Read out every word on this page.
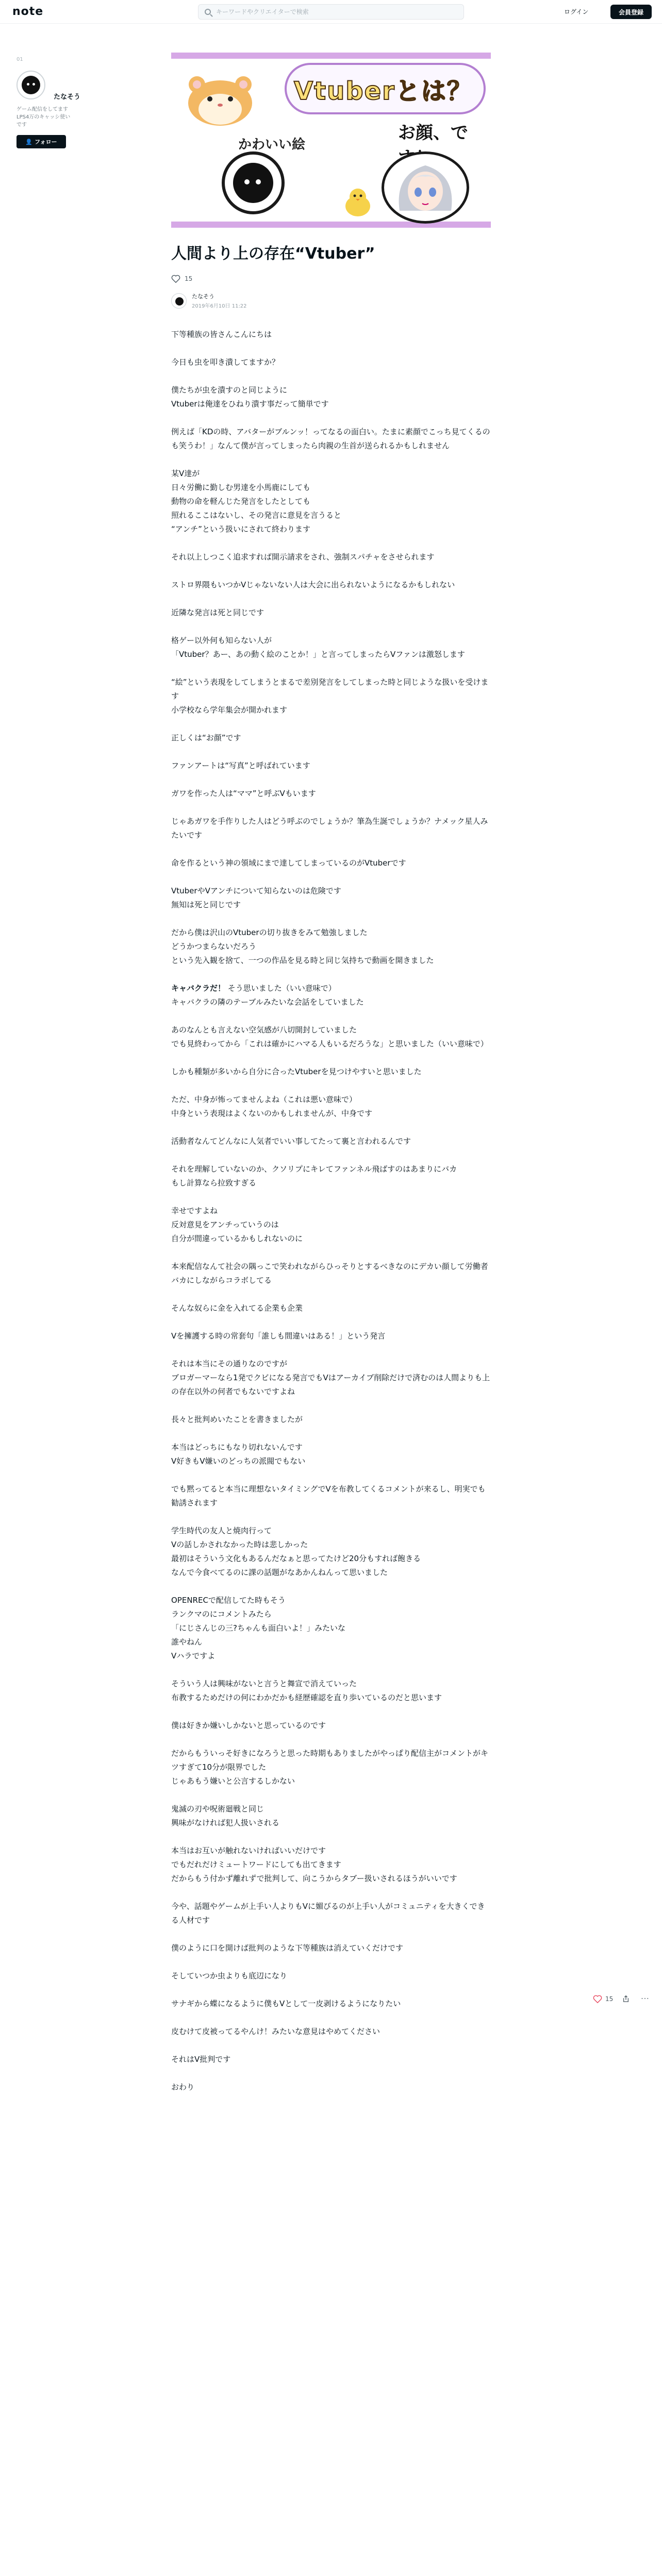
note
キーワードやクリエイターで検索	ログイン	会員登録
01
たなそう
ゲーム配信をしてます　LPS4万のキャッシ使いです
👤 フォロー
Vtuberとは？
かわいい絵
お顔、で
人間より上の存在“Vtuber”
15
たなそう
2019年6月10日 11:22
下等種族の皆さんこんにちは
今日も虫を叩き潰してますか？
僕たちが虫を潰すのと同じように
Vtuberは俺達をひねり潰す事だって簡単です
例えば「KDの時、アバターがブルンッ！ってなるの面白い。たまに素顔でこっち見てくるのも笑うわ！」なんて僕が言ってしまったら肉親の生首が送られるかもしれません
某V達が
日々労働に勤しむ男達を小馬鹿にしても
動物の命を軽んじた発言をしたとしても
照れるここはないし、その発言に意見を言うると
“アンチ”という扱いにされて終わります
それ以上しつこく追求すれば開示請求をされ、強制スパチャをさせられます
ストロ界隈もいつかVじゃないない人は大会に出られないようになるかもしれない
近隣な発言は死と同じです
格ゲー以外何も知らない人が
「Vtuber？あー、あの動く絵のことか！」と言ってしまったらVファンは激怒します
“絵”という表現をしてしまうとまるで差別発言をしてしまった時と同じような扱いを受けます
小学校なら学年集会が開かれます
正しくは“お顔”です
ファンアートは“写真”と呼ばれています
ガワを作った人は“ママ”と呼ぶVもいます
じゃあガワを手作りした人はどう呼ぶのでしょうか？筆為生誕でしょうか？ナメック星人みたいです
命を作るという神の領域にまで達してしまっているのがVtuberです
VtuberやVアンチについて知らないのは危険です
無知は死と同じです
だから僕は沢山のVtuberの切り抜きをみて勉強しました
どうかつまらないだろう
という先入観を捨て、一つの作品を見る時と同じ気持ちで動画を開きました
キャバクラだ！ そう思いました（いい意味で）
キャバクラの隣のテーブルみたいな会話をしていました
あのなんとも言えない空気感が八切開封していました
でも見終わってから「これは確かにハマる人もいるだろうな」と思いました（いい意味で）
しかも種類が多いから自分に合ったVtuberを見つけやすいと思いました
ただ、中身が怖ってませんよね（これは悪い意味で）
中身という表現はよくないのかもしれませんが、中身です
活動者なんてどんなに人気者でいい事してたって裏と言われるんです
それを理解していないのか、クソリプにキレてファンネル飛ばすのはあまりにバカ
もし計算なら拉致すぎる
幸せですよね
反対意見をアンチっていうのは
自分が間違っているかもしれないのに
本来配信なんて社会の隅っこで笑われながらひっそりとするべきなのにデカい顔して労働者バカにしながらコラボしてる
そんな奴らに金を入れてる企業も企業
Vを擁護する時の常套句「誰しも間違いはある！」という発言
それは本当にその通りなのですが
ブロガーマーなら1発でクビになる発言でもVはアーカイブ削除だけで済むのは人間よりも上の存在以外の何者でもないですよね
長々と批判めいたことを書きましたが
本当はどっちにもなり切れないんです
V好きもV嫌いのどっちの派閥でもない
でも黙ってると本当に理想ないタイミングでVを布教してくるコメントが来るし、明実でも勧誘されます
学生時代の友人と焼肉行って
Vの話しかされなかった時は悲しかった
最初はそういう文化もあるんだなぁと思ってたけど20分もすれば飽きる
なんで今食べてるのに課の話題がなあかんねんって思いました
OPENRECで配信してた時もそう
ランクマのにコメントみたら
「にじさんじの三?ちゃんも面白いよ！」みたいな
誰やねん
Vハラですよ
そういう人は興味がないと言うと舞宣で消えていった
布教するためだけの何にわかだかも経歴確認を直り歩いているのだと思います
僕は好きか嫌いしかないと思っているのです
だからもういっそ好きになろうと思った時期もありましたがやっぱり配信主がコメントがキツすぎて10分が限界でした
じゃあもう嫌いと公言するしかない
鬼滅の刃や呪術廻戦と同じ
興味がなければ犯人扱いされる
本当はお互いが触れないければいいだけです
でもだれだけミュートワードにしても出てきます
だからもう付かず離れずで批判して、向こうからタブー扱いされるほうがいいです
今や、話題やゲームが上手い人よりもVに媚びるのが上手い人がコミュニティを大きくできる人材です
僕のように口を開けば批判のような下等種族は消えていくだけです
そしていつか虫よりも底辺になり
サナギから蝶になるように僕もVとして一皮剥けるようになりたい
皮むけて皮被ってるやんけ！みたいな意見はやめてください
それはV批判です
おわり
15	···
